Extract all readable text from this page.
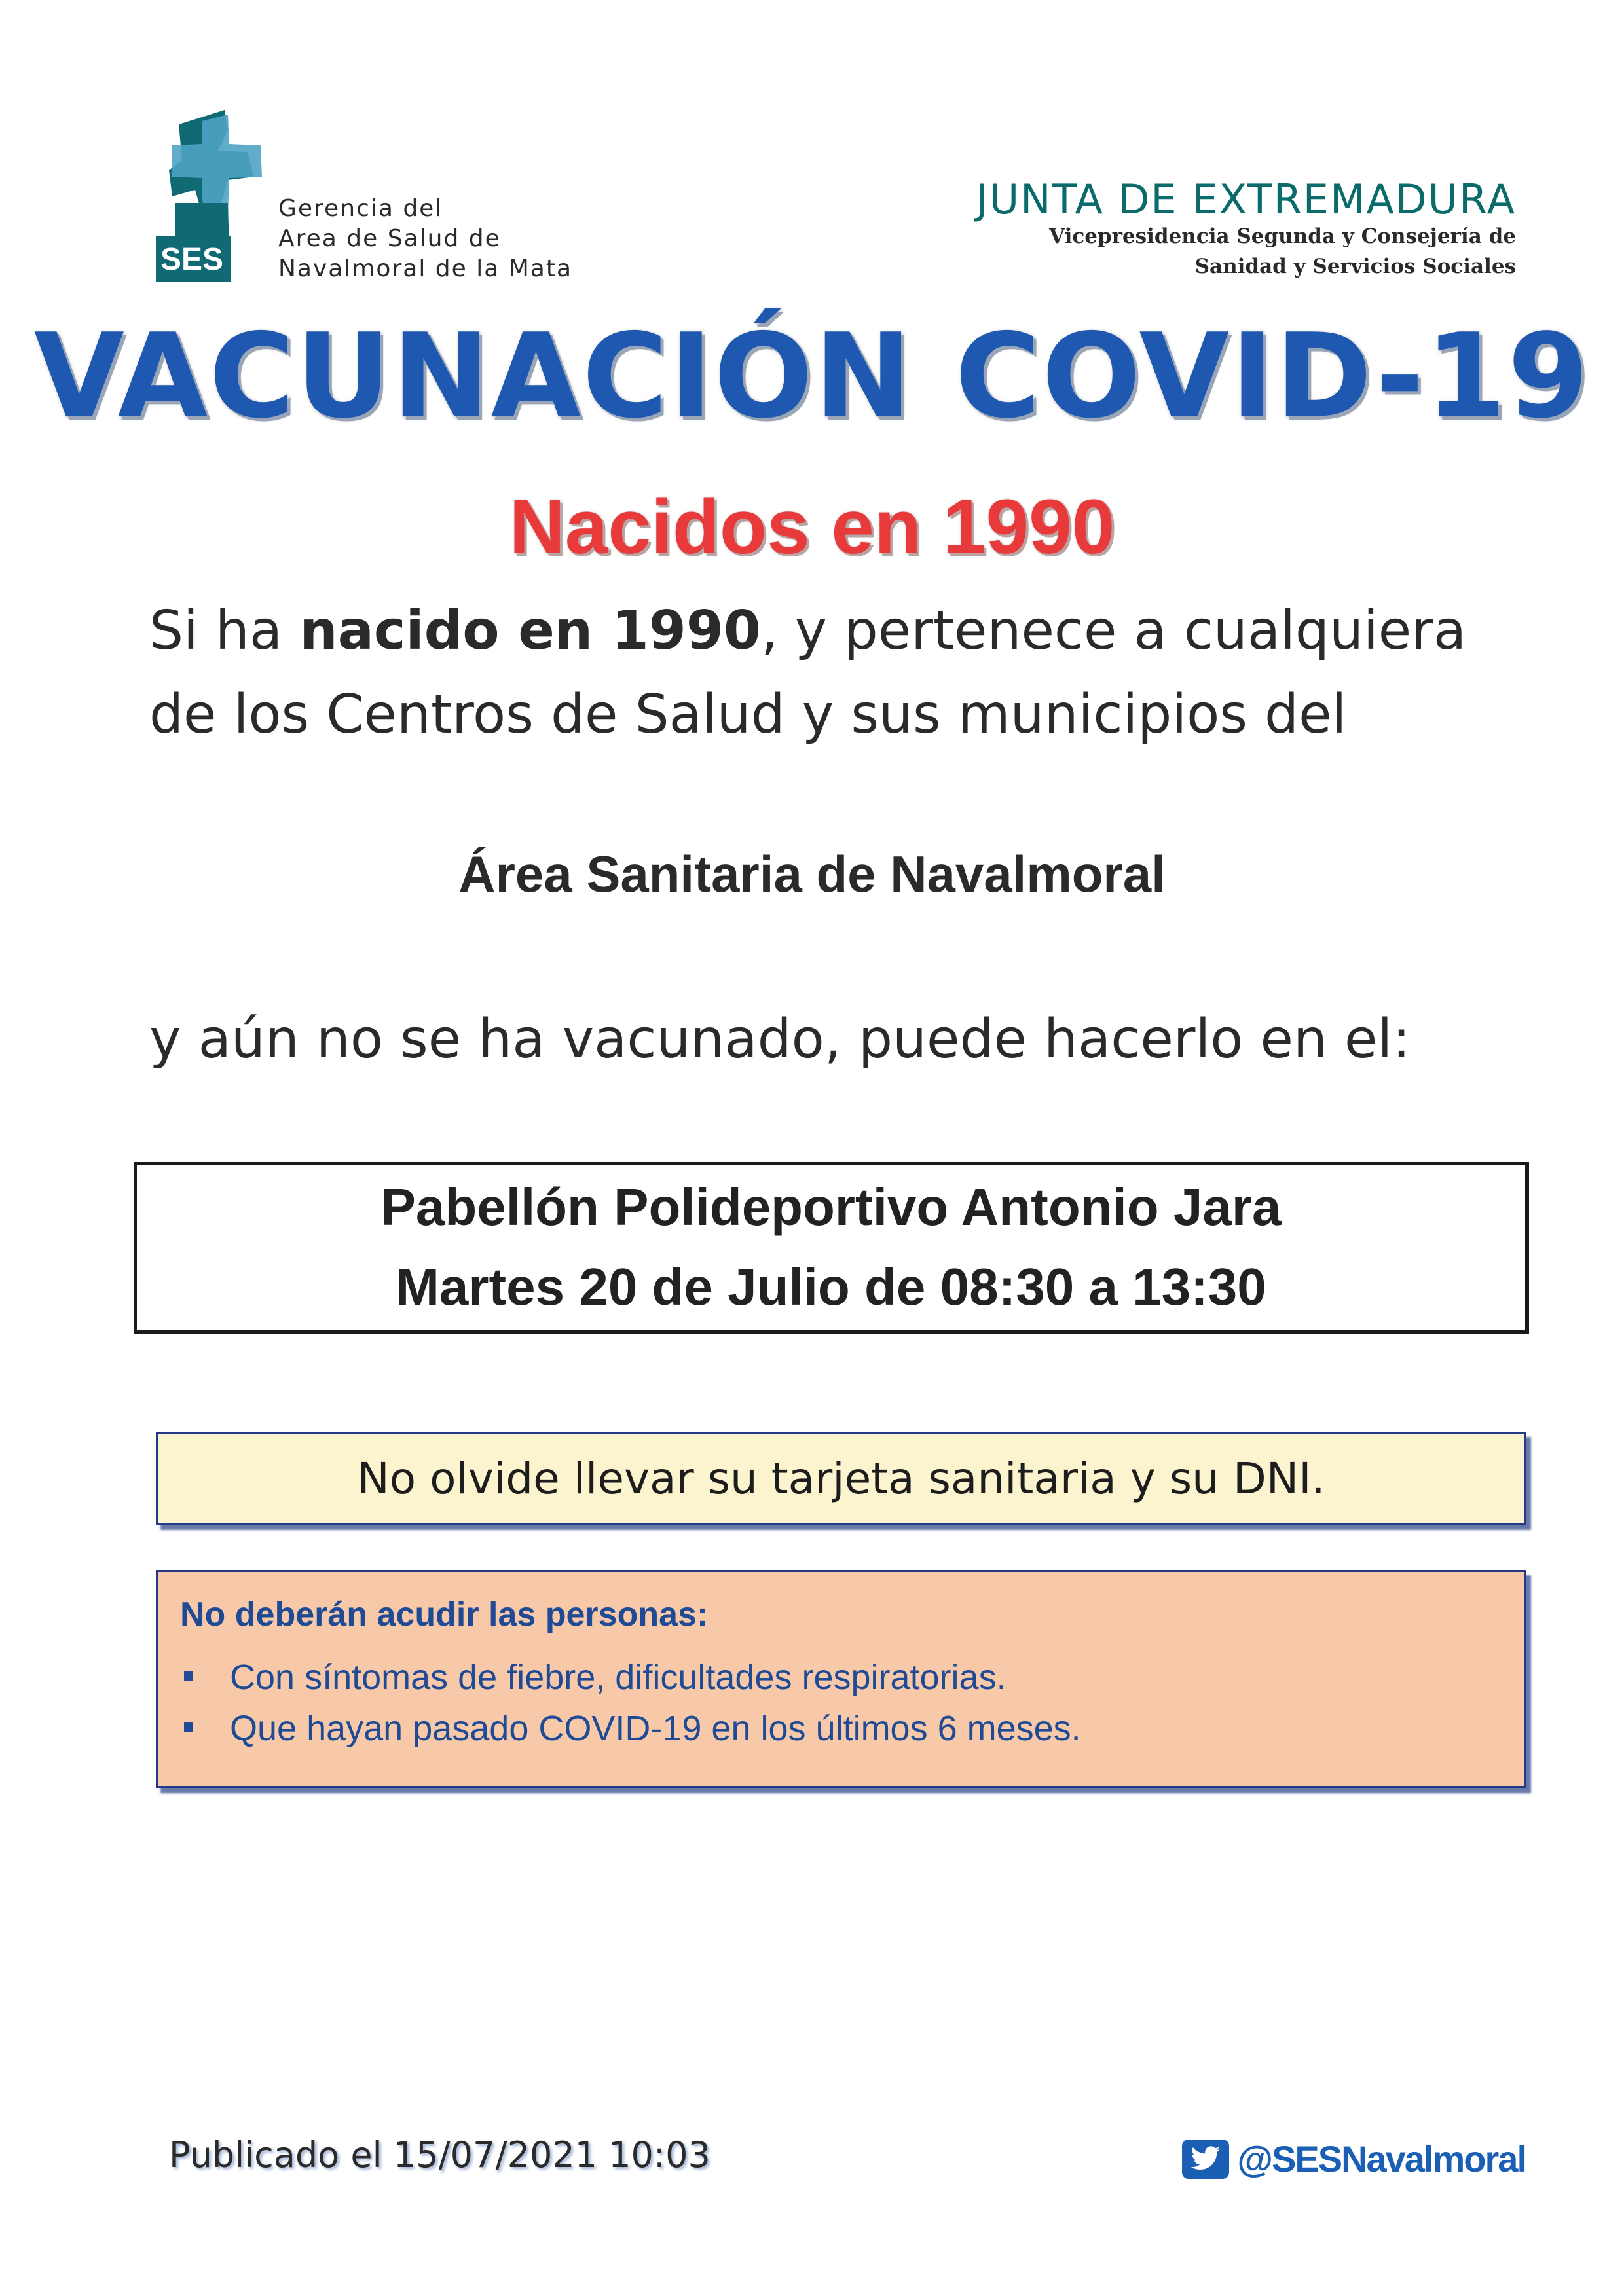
SES
Gerencia del
Area de Salud de
Navalmoral de la Mata
JUNTA DE EXTREMADURA
Vicepresidencia Segunda y Consejería de
Sanidad y Servicios Sociales
VACUNACIÓN COVID-19
Nacidos en 1990
Si ha nacido en 1990, y pertenece a cualquiera de los Centros de Salud y sus municipios del
Área Sanitaria de Navalmoral
y aún no se ha vacunado, puede hacerlo en el:
Pabellón Polideportivo Antonio Jara
Martes 20 de Julio de 08:30 a 13:30
No olvide llevar su tarjeta sanitaria y su DNI.
No deberán acudir las personas:
Con síntomas de fiebre, dificultades respiratorias.
Que hayan pasado COVID-19 en los últimos 6 meses.
Publicado el 15/07/2021 10:03	@SESNavalmoral
